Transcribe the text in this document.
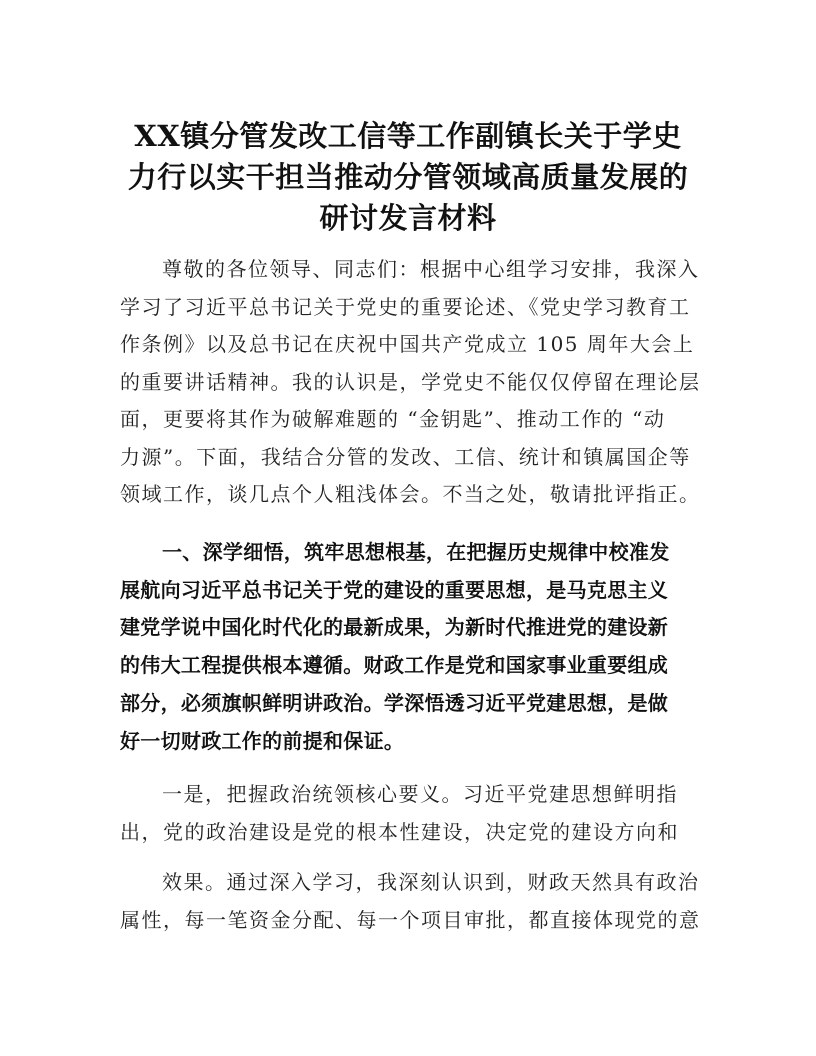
XX镇分管发改工信等工作副镇长关于学史
力行以实干担当推动分管领域高质量发展的
研讨发言材料
尊敬的各位领导、同志们：根据中心组学习安排，我深入
学习了习近平总书记关于党史的重要论述、《党史学习教育工
作条例》以及总书记在庆祝中国共产党成立 105 周年大会上
的重要讲话精神。我的认识是，学党史不能仅仅停留在理论层
面，更要将其作为破解难题的 “金钥匙”、推动工作的 “动
力源”。下面，我结合分管的发改、工信、统计和镇属国企等
领域工作，谈几点个人粗浅体会。不当之处，敬请批评指正。
一、深学细悟，筑牢思想根基，在把握历史规律中校准发
展航向习近平总书记关于党的建设的重要思想，是马克思主义
建党学说中国化时代化的最新成果，为新时代推进党的建设新
的伟大工程提供根本遵循。财政工作是党和国家事业重要组成
部分，必须旗帜鲜明讲政治。学深悟透习近平党建思想，是做
好一切财政工作的前提和保证。
一是，把握政治统领核心要义。习近平党建思想鲜明指
出，党的政治建设是党的根本性建设，决定党的建设方向和
效果。通过深入学习，我深刻认识到，财政天然具有政治
属性，每一笔资金分配、每一个项目审批，都直接体现党的意
